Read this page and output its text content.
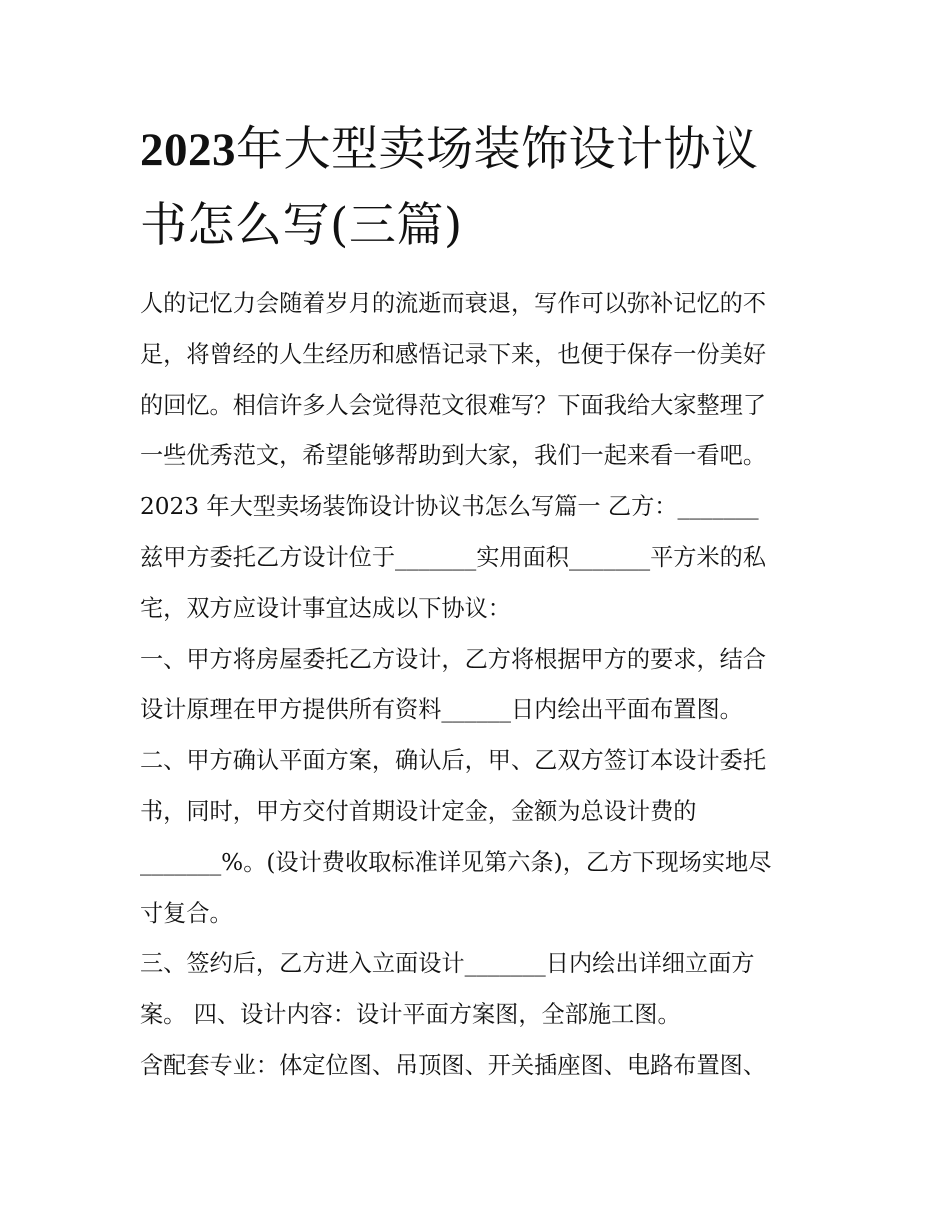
2023年大型卖场装饰设计协议
书怎么写(三篇)
人的记忆力会随着岁月的流逝而衰退，写作可以弥补记忆的不
足，将曾经的人生经历和感悟记录下来，也便于保存一份美好
的回忆。相信许多人会觉得范文很难写？下面我给大家整理了
一些优秀范文，希望能够帮助到大家，我们一起来看一看吧。
2023 年大型卖场装饰设计协议书怎么写篇一 乙方：_______
兹甲方委托乙方设计位于_______实用面积_______平方米的私
宅，双方应设计事宜达成以下协议：
一、甲方将房屋委托乙方设计，乙方将根据甲方的要求，结合
设计原理在甲方提供所有资料______日内绘出平面布置图。
二、甲方确认平面方案，确认后，甲、乙双方签订本设计委托
书，同时，甲方交付首期设计定金，金额为总设计费的
_______%。(设计费收取标准详见第六条)，乙方下现场实地尽
寸复合。
三、签约后，乙方进入立面设计_______日内绘出详细立面方
案。 四、设计内容：设计平面方案图，全部施工图。
含配套专业：体定位图、吊顶图、开关插座图、电路布置图、
